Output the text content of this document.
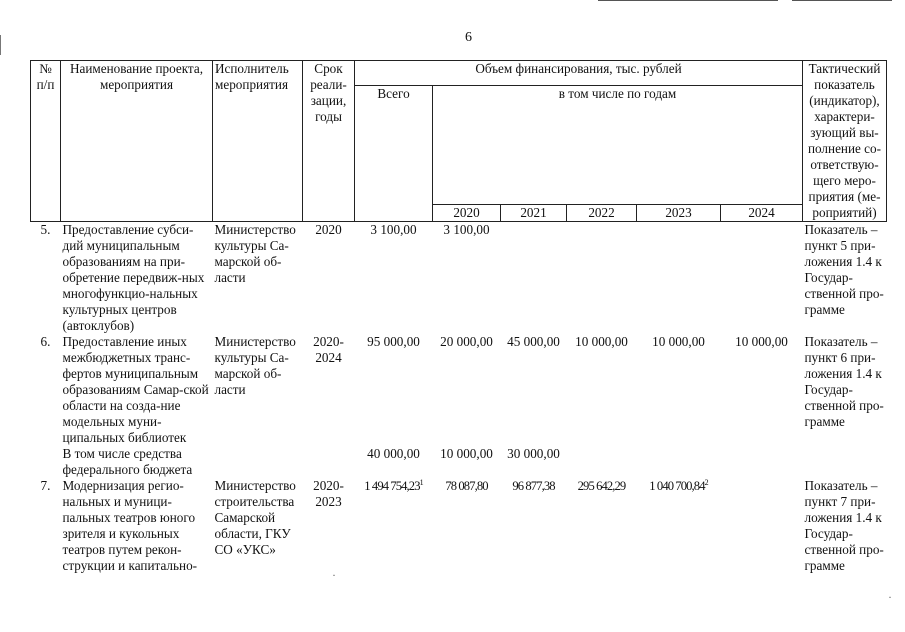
6
№ п/п	Наименование проекта, мероприятия	Исполнитель мероприятия	Срок реали-зации, годы	Объем финансирования, тыс. рублей						Тактический показатель (индикатор), характери-зующий вы-полнение со-ответствую-щего меро-приятия (ме-роприятий)
				Всего	в том числе по годам					
					2020	2021	2022	2023	2024	
5.	Предоставление субси-дий муниципальным образованиям на при-обретение передвиж-ных многофункцио-нальных культурных центров (автоклубов)	Министерство культуры Са-марской об-ласти	2020	3 100,00	3 100,00					Показатель – пункт 5 при-ложения 1.4 к Государ-ственной про-грамме
6.	Предоставление иных межбюджетных транс-фертов муниципальным образованиям Самар-ской области на созда-ние модельных муни-ципальных библиотек	Министерство культуры Са-марской об-ласти	2020-2024	95 000,00	20 000,00	45 000,00	10 000,00	10 000,00	10 000,00	Показатель – пункт 6 при-ложения 1.4 к Государ-ственной про-грамме
	В том числе средства федерального бюджета			40 000,00	10 000,00	30 000,00				
7.	Модернизация регио-нальных и муници-пальных театров юного зрителя и кукольных театров путем рекон-струкции и капитально-	Министерство строительства Самарской области, ГКУ СО «УКС»	2020-2023	1 494 754,23$^1$	78 087,80	96 877,38	295 642,29	1 040 700,84$^2$		Показатель – пункт 7 при-ложения 1.4 к Государ-ственной про-грамме
·
·
